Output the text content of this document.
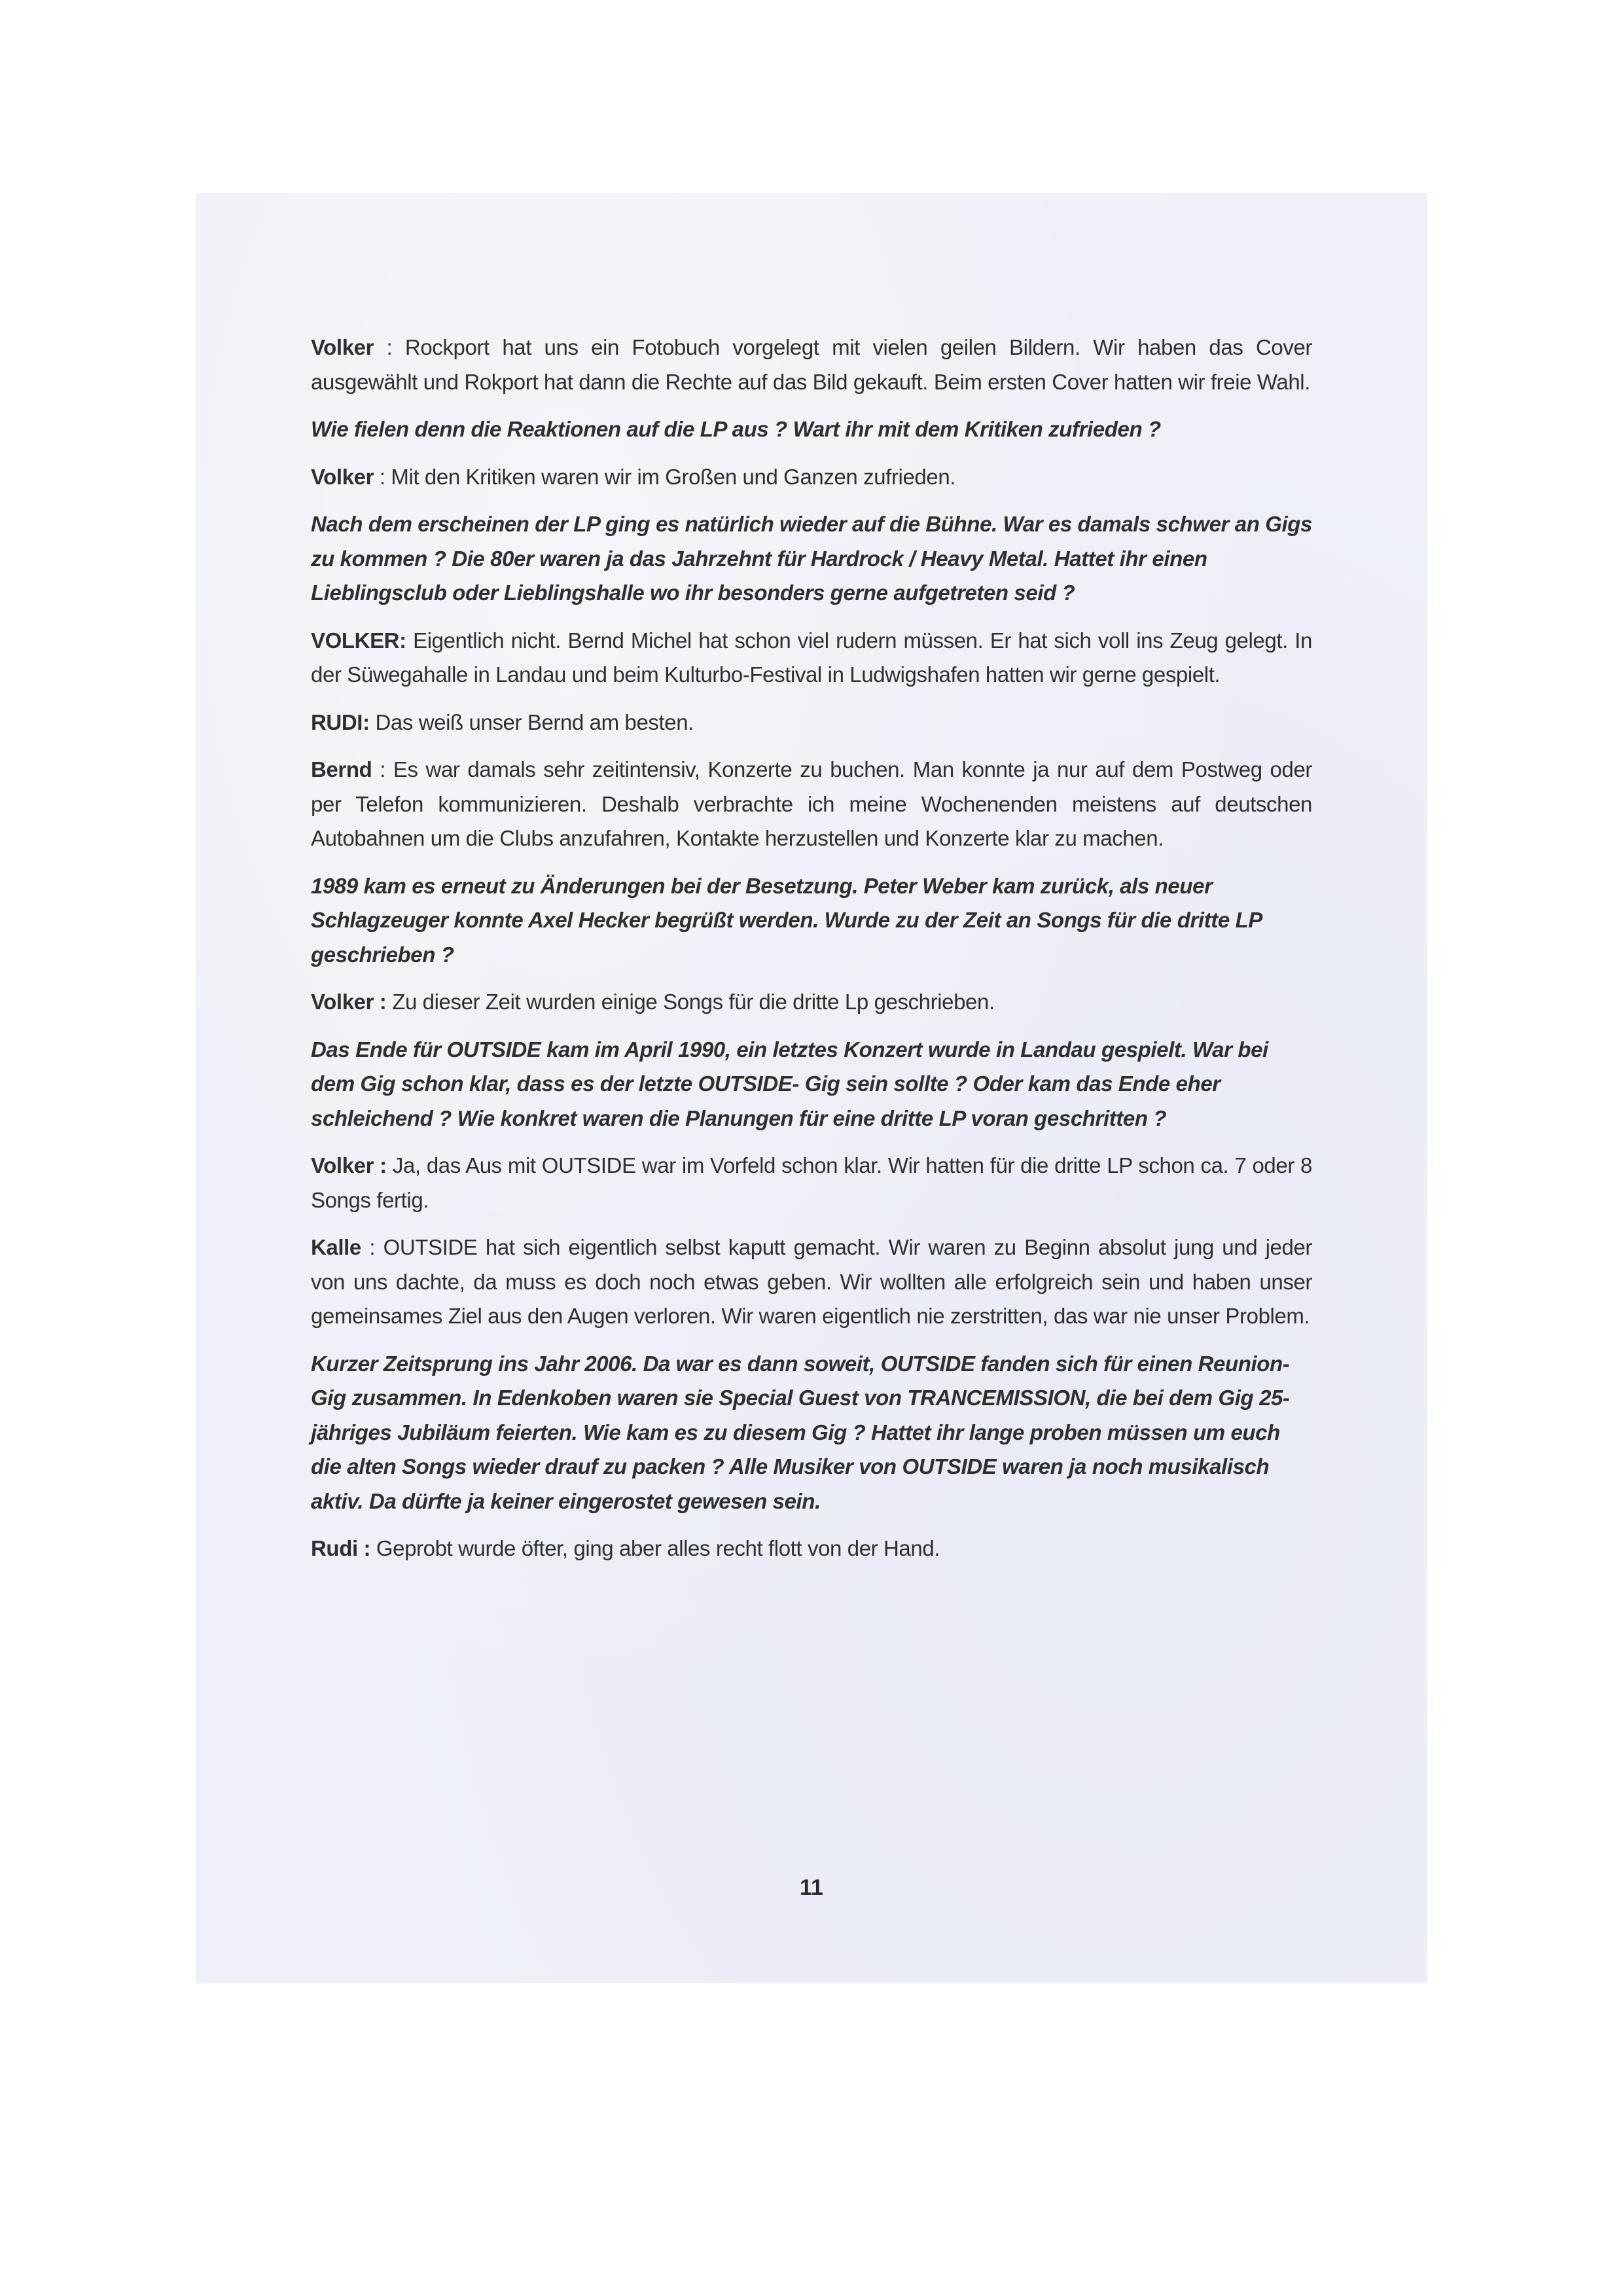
Volker : Rockport hat uns ein Fotobuch vorgelegt mit vielen geilen Bildern. Wir haben das Cover ausgewählt und Rokport hat dann die Rechte auf das Bild gekauft. Beim ersten Cover hatten wir freie Wahl.

Wie fielen denn die Reaktionen auf die LP aus ? Wart ihr mit dem Kritiken zufrieden ?

Volker : Mit den Kritiken waren wir im Großen und Ganzen zufrieden.

Nach dem erscheinen der LP ging es natürlich wieder auf die Bühne. War es damals schwer an Gigs zu kommen ? Die 80er waren ja das Jahrzehnt für Hardrock / Heavy Metal. Hattet ihr einen Lieblingsclub oder Lieblingshalle wo ihr besonders gerne aufgetreten seid ?

VOLKER: Eigentlich nicht. Bernd Michel hat schon viel rudern müssen. Er hat sich voll ins Zeug gelegt. In der Süwegahalle in Landau und beim Kulturbo-Festival in Ludwigshafen hatten wir gerne gespielt.

RUDI: Das weiß unser Bernd am besten.

Bernd : Es war damals sehr zeitintensiv, Konzerte zu buchen. Man konnte ja nur auf dem Postweg oder per Telefon kommunizieren. Deshalb verbrachte ich meine Wochenenden meistens auf deutschen Autobahnen um die Clubs anzufahren, Kontakte herzustellen und Konzerte klar zu machen.

1989 kam es erneut zu Änderungen bei der Besetzung. Peter Weber kam zurück, als neuer Schlagzeuger konnte Axel Hecker begrüßt werden. Wurde zu der Zeit an Songs für die dritte LP geschrieben ?

Volker : Zu dieser Zeit wurden einige Songs für die dritte Lp geschrieben.

Das Ende für OUTSIDE kam im April 1990, ein letztes Konzert wurde in Landau gespielt. War bei dem Gig schon klar, dass es der letzte OUTSIDE- Gig sein sollte ? Oder kam das Ende eher schleichend ? Wie konkret waren die Planungen für eine dritte LP voran geschritten ?

Volker : Ja, das Aus mit OUTSIDE war im Vorfeld schon klar. Wir hatten für die dritte LP schon ca. 7 oder 8 Songs fertig.

Kalle : OUTSIDE hat sich eigentlich selbst kaputt gemacht. Wir waren zu Beginn absolut jung und jeder von uns dachte, da muss es doch noch etwas geben. Wir wollten alle erfolgreich sein und haben unser gemeinsames Ziel aus den Augen verloren. Wir waren eigentlich nie zerstritten, das war nie unser Problem.

Kurzer Zeitsprung ins Jahr 2006. Da war es dann soweit, OUTSIDE fanden sich für einen Reunion-Gig zusammen. In Edenkoben waren sie Special Guest von TRANCEMISSION, die bei dem Gig 25-jähriges Jubiläum feierten. Wie kam es zu diesem Gig ? Hattet ihr lange proben müssen um euch die alten Songs wieder drauf zu packen ? Alle Musiker von OUTSIDE waren ja noch musikalisch aktiv. Da dürfte ja keiner eingerostet gewesen sein.

Rudi : Geprobt wurde öfter, ging aber alles recht flott von der Hand.

11
